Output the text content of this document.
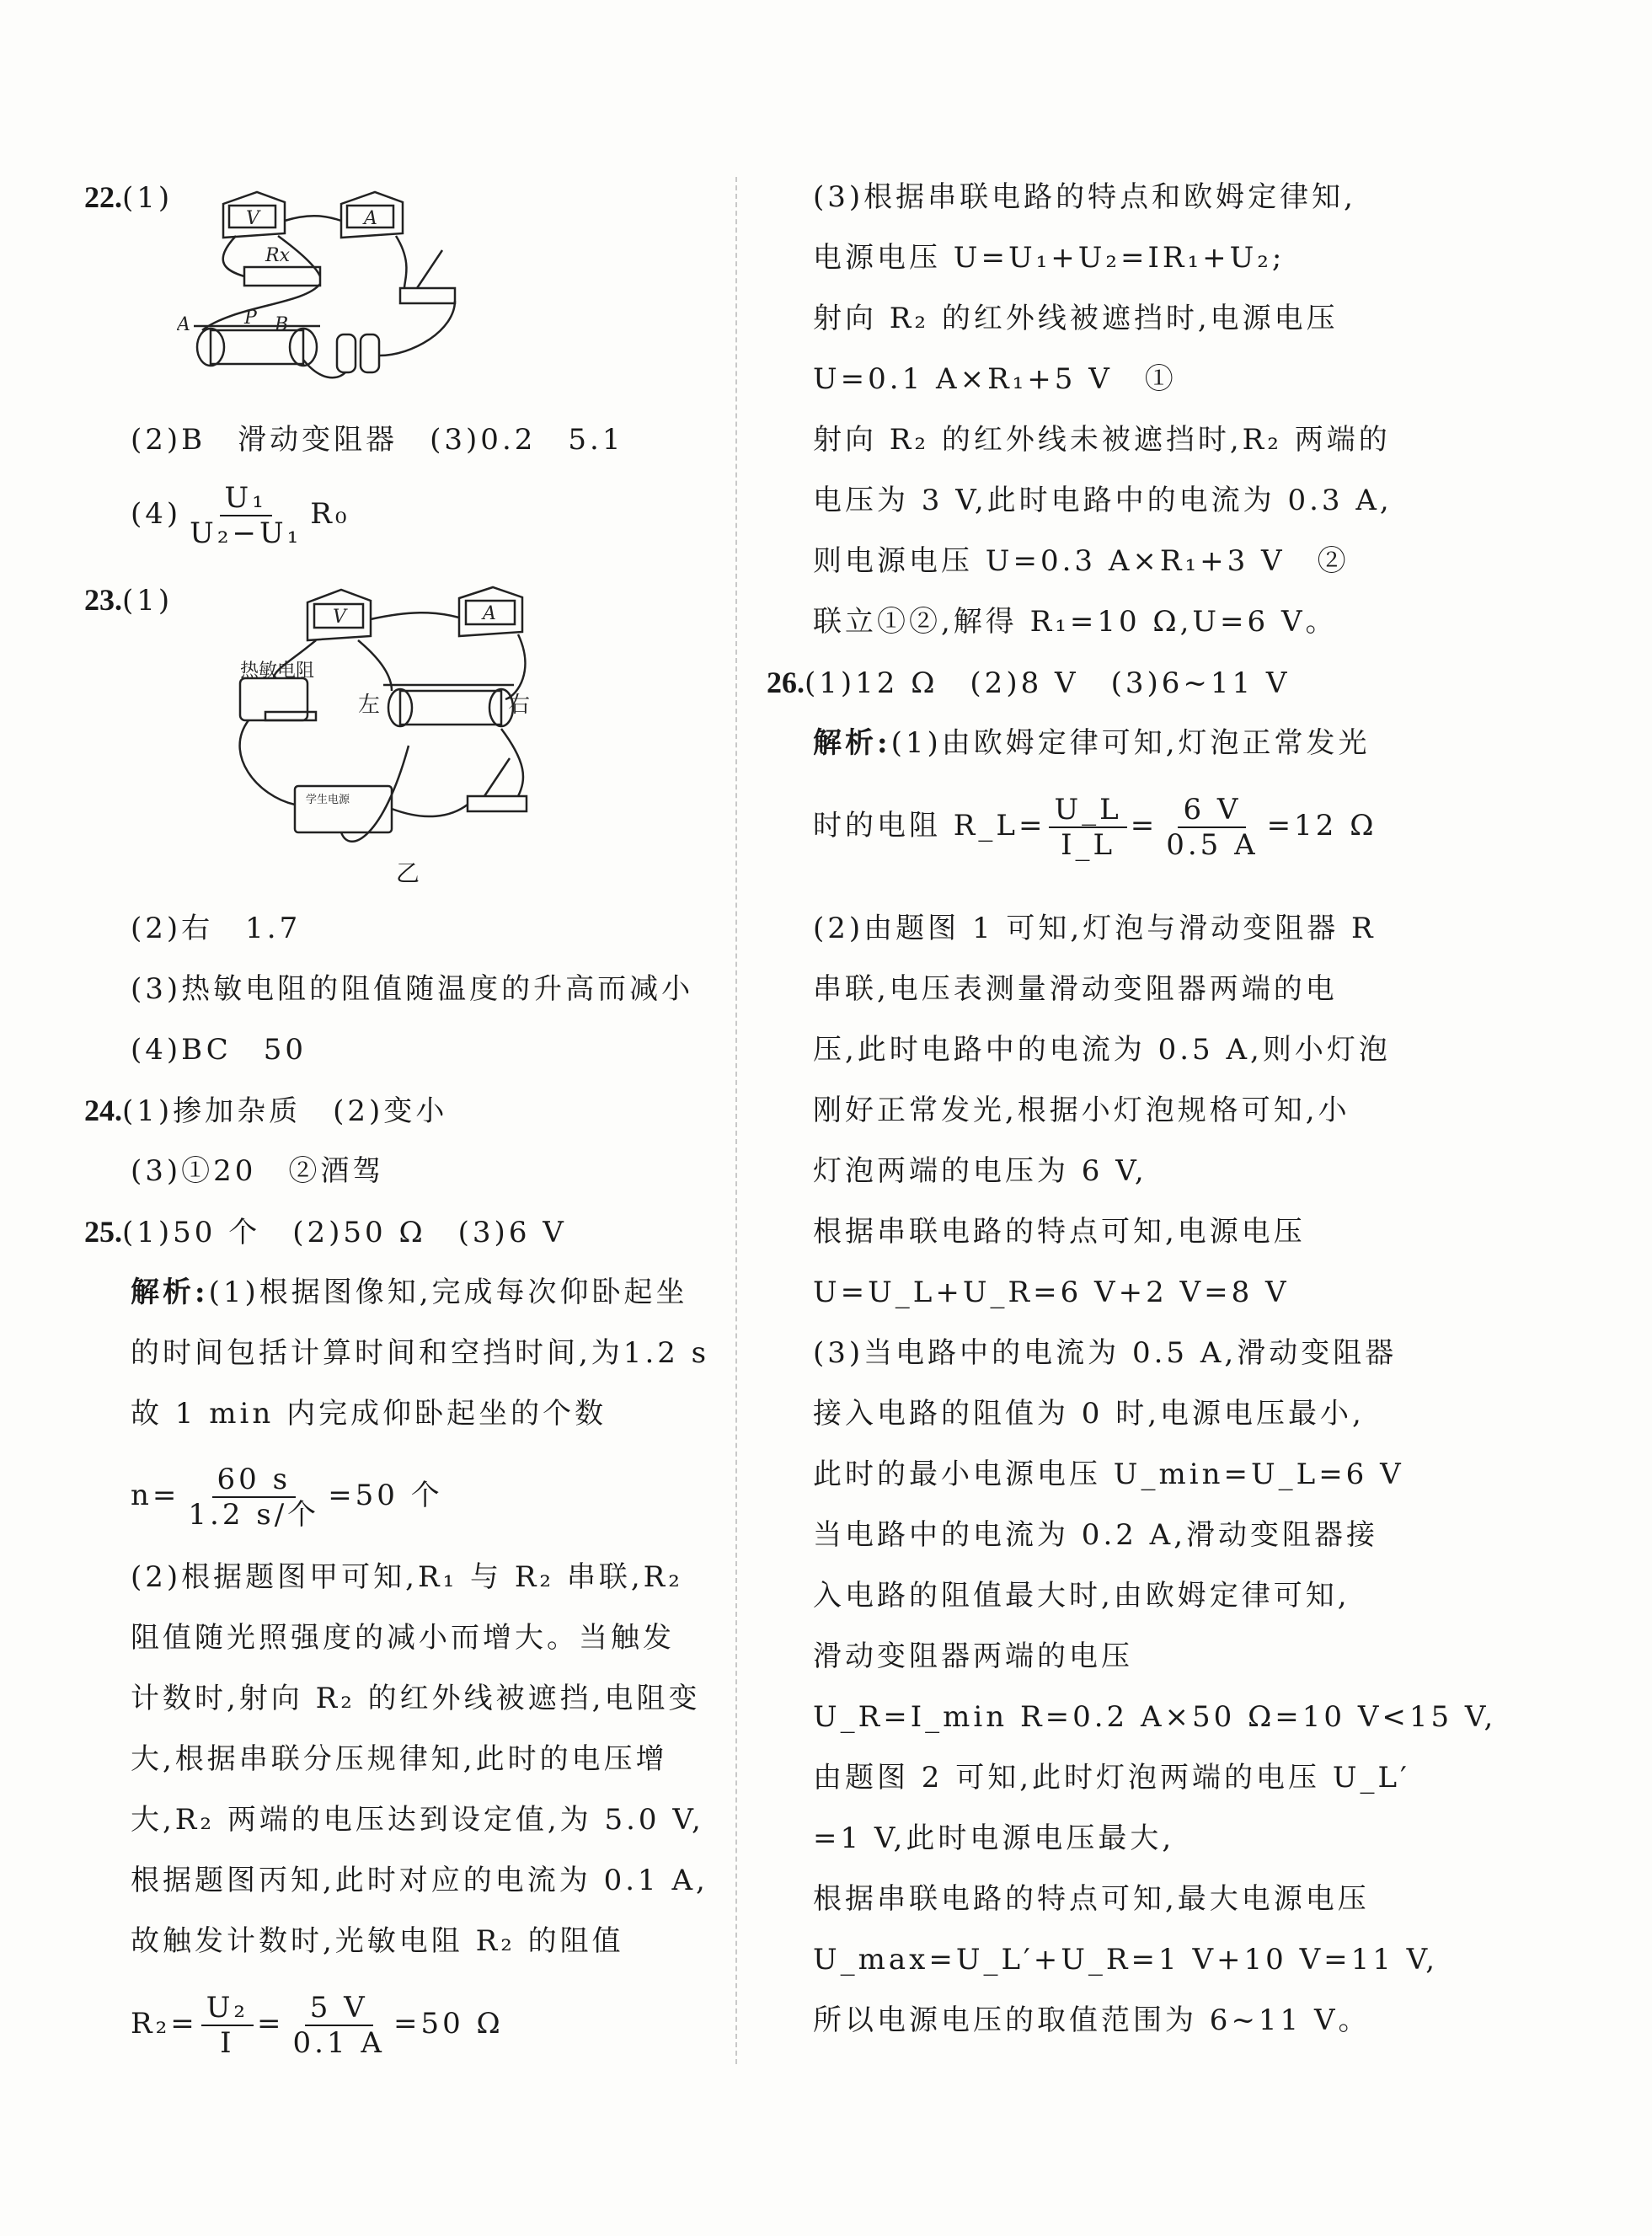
22.(1)
V	A
Rx
A	P B
(2)B　滑动变阻器　(3)0.2　5.1
$(4) \frac{\text{U₁}}{\text{U₂−U₁}} R_0$
23.(1)	V	A
热敏电阻
左	右
学生电源
乙
(2)右　1.7
(3)热敏电阻的阻值随温度的升高而减小
(4)BC　50
24.(1)掺加杂质　(2)变小
(3)①20　②酒驾
25.(1)50 个　(2)50 Ω　(3)6 V
解析:(1)根据图像知,完成每次仰卧起坐
的时间包括计算时间和空挡时间,为1.2 s
故 1 min 内完成仰卧起坐的个数
$n= \frac{60 s}{\text{1.2 s/个}} =50$ 个
(2)根据题图甲可知,R₁ 与 R₂ 串联,R₂
阻值随光照强度的减小而增大。当触发
计数时,射向 R₂ 的红外线被遮挡,电阻变
大,根据串联分压规律知,此时的电压增
大,R₂ 两端的电压达到设定值,为 5.0 V,
根据题图丙知,此时对应的电流为 0.1 A,
故触发计数时,光敏电阻 R₂ 的阻值
$R_2= \frac{\text{U₂}}{I} = \frac{5 V}{0.1 A} =50$ Ω
(3)根据串联电路的特点和欧姆定律知,
电源电压 U=U₁+U₂=IR₁+U₂;
射向 R₂ 的红外线被遮挡时,电源电压
U=0.1 A×R₁+5 V　①
射向 R₂ 的红外线未被遮挡时,R₂ 两端的
电压为 3 V,此时电路中的电流为 0.3 A,
则电源电压 U=0.3 A×R₁+3 V　②
联立①②,解得 R₁=10 Ω,U=6 V。
26.(1)12 Ω　(2)8 V　(3)6~11 V
解析:(1)由欧姆定律可知,灯泡正常发光
时的电阻 R_L= $\frac{U\_L}{I\_L} = \frac{6 V}{0.5 A} =12$ Ω
(2)由题图 1 可知,灯泡与滑动变阻器 R
串联,电压表测量滑动变阻器两端的电
压,此时电路中的电流为 0.5 A,则小灯泡
刚好正常发光,根据小灯泡规格可知,小
灯泡两端的电压为 6 V,
根据串联电路的特点可知,电源电压
U=U_L+U_R=6 V+2 V=8 V
(3)当电路中的电流为 0.5 A,滑动变阻器
接入电路的阻值为 0 时,电源电压最小,
此时的最小电源电压 U_min=U_L=6 V
当电路中的电流为 0.2 A,滑动变阻器接
入电路的阻值最大时,由欧姆定律可知,
滑动变阻器两端的电压
U_R=I_min R=0.2 A×50 Ω=10 V<15 V,
由题图 2 可知,此时灯泡两端的电压 U_L′
=1 V,此时电源电压最大,
根据串联电路的特点可知,最大电源电压
U_max=U_L′+U_R=1 V+10 V=11 V,
所以电源电压的取值范围为 6~11 V。
